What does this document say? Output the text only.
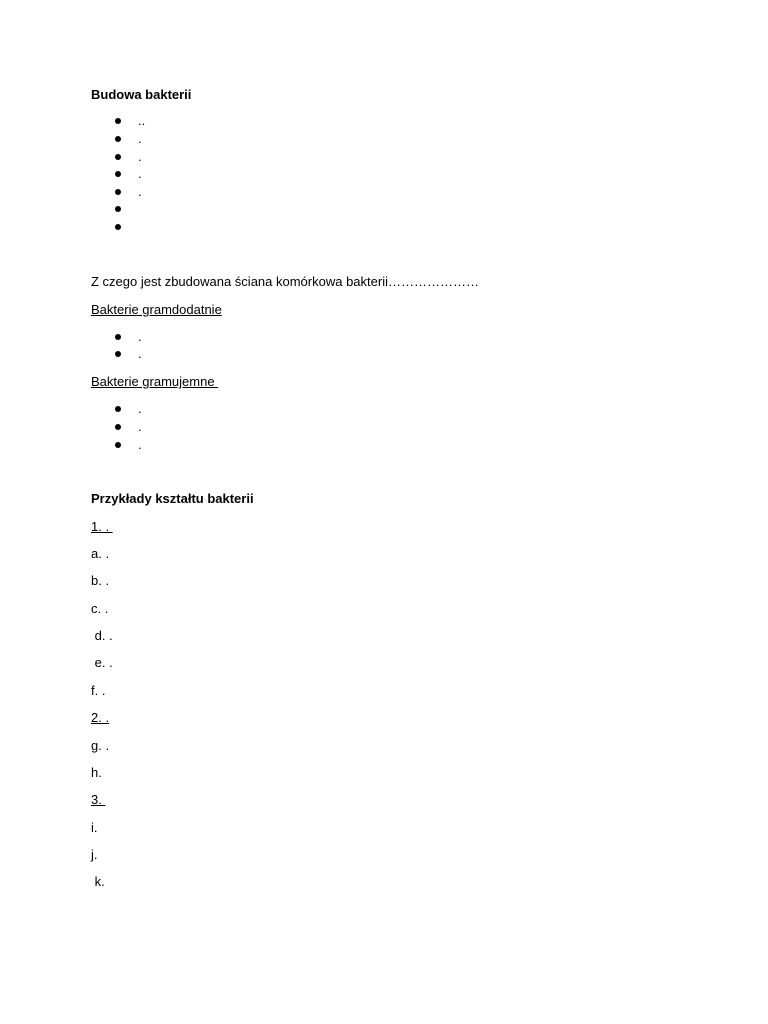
Budowa bakterii
..
.
.
.
.
Z czego jest zbudowana ściana komórkowa bakterii…………………
Bakterie gramdodatnie
.
.
Bakterie gramujemne
.
.
.
Przykłady kształtu bakterii
1. .
a. .
b. .
c. .
d. .
e. .
f. .
2. .
g. .
h.
3.
i.
j.
k.
